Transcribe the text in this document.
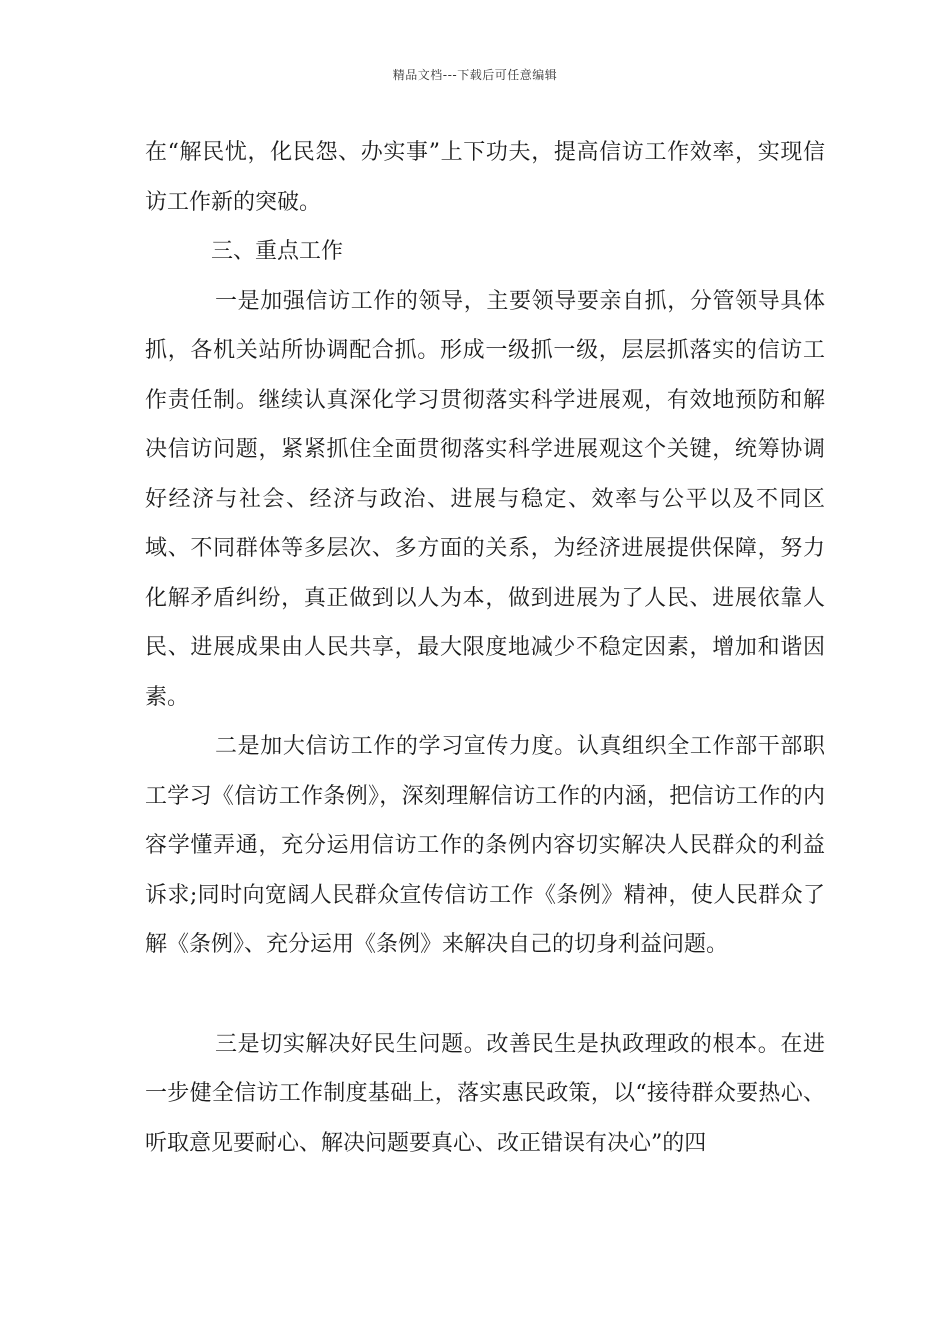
精品文档---下载后可任意编辑

在“解民忧，化民怨、办实事”上下功夫，提高信访工作效率，实现信访工作新的突破。

三、重点工作

一是加强信访工作的领导，主要领导要亲自抓，分管领导具体抓，各机关站所协调配合抓。形成一级抓一级，层层抓落实的信访工作责任制。继续认真深化学习贯彻落实科学进展观，有效地预防和解决信访问题，紧紧抓住全面贯彻落实科学进展观这个关键，统筹协调好经济与社会、经济与政治、进展与稳定、效率与公平以及不同区域、不同群体等多层次、多方面的关系，为经济进展提供保障，努力化解矛盾纠纷，真正做到以人为本，做到进展为了人民、进展依靠人民、进展成果由人民共享，最大限度地减少不稳定因素，增加和谐因素。

二是加大信访工作的学习宣传力度。认真组织全工作部干部职工学习《信访工作条例》，深刻理解信访工作的内涵，把信访工作的内容学懂弄通，充分运用信访工作的条例内容切实解决人民群众的利益诉求;同时向宽阔人民群众宣传信访工作《条例》精神，使人民群众了解《条例》、充分运用《条例》来解决自己的切身利益问题。

三是切实解决好民生问题。改善民生是执政理政的根本。在进一步健全信访工作制度基础上，落实惠民政策，以“接待群众要热心、听取意见要耐心、解决问题要真心、改正错误有决心”的四
